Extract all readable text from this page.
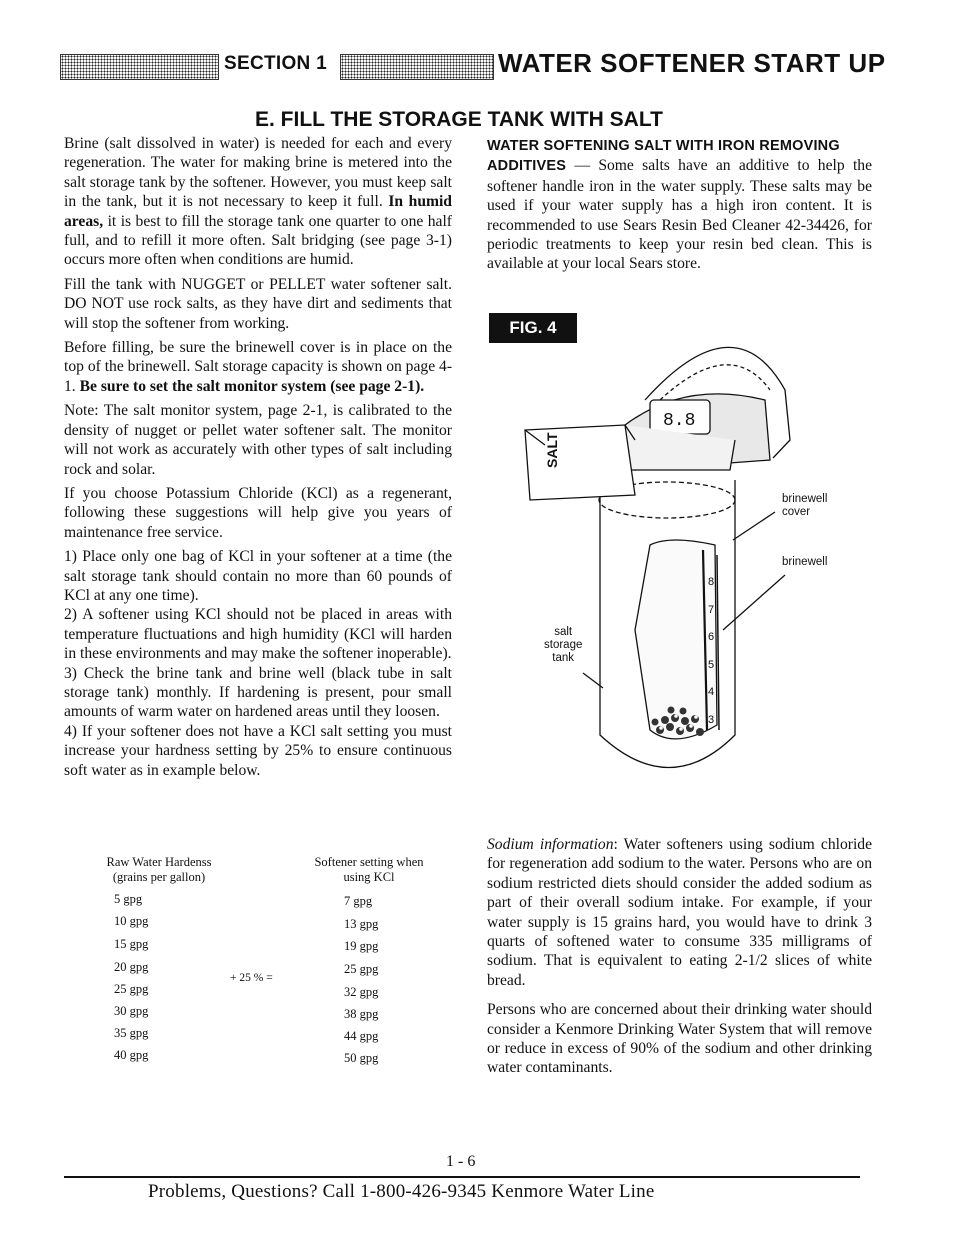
SECTION 1	WATER SOFTENER START UP
E. FILL THE STORAGE TANK WITH SALT

Brine (salt dissolved in water) is needed for each and every regeneration. The water for making brine is metered into the salt storage tank by the softener. However, you must keep salt in the tank, but it is not necessary to keep it full. In humid areas, it is best to fill the storage tank one quarter to one half full, and to refill it more often. Salt bridging (see page 3-1) occurs more often when conditions are humid.

Fill the tank with NUGGET or PELLET water softener salt. DO NOT use rock salts, as they have dirt and sediments that will stop the softener from working.

Before filling, be sure the brinewell cover is in place on the top of the brinewell. Salt storage capacity is shown on page 4-1. Be sure to set the salt monitor system (see page 2-1).

Note: The salt monitor system, page 2-1, is calibrated to the density of nugget or pellet water softener salt. The monitor will not work as accurately with other types of salt including rock and solar.

If you choose Potassium Chloride (KCl) as a regenerant, following these suggestions will help give you years of maintenance free service.

1) Place only one bag of KCl in your softener at a time (the salt storage tank should contain no more than 60 pounds of KCl at any one time).

2) A softener using KCl should not be placed in areas with temperature fluctuations and high humidity (KCl will harden in these environments and may make the softener inoperable).

3) Check the brine tank and brine well (black tube in salt storage tank) monthly. If hardening is present, pour small amounts of warm water on hardened areas until they loosen.

4) If your softener does not have a KCl salt setting you must increase your hardness setting by 25% to ensure continuous soft water as in example below.

Raw Water Hardenss
(grains per gallon)
Softener setting when
using KCl
5 gpg
10 gpg
15 gpg
20 gpg
25 gpg
30 gpg
35 gpg
40 gpg
+ 25 % =
7 gpg
13 gpg
19 gpg
25 gpg
32 gpg
38 gpg
44 gpg
50 gpg

WATER SOFTENING SALT WITH IRON REMOVING
ADDITIVES — Some salts have an additive to help the softener handle iron in the water supply. These salts may be used if your water supply has a high iron content. It is recommended to use Sears Resin Bed Cleaner 42-34426, for periodic treatments to keep your resin bed clean. This is available at your local Sears store.

FIG. 4
SALT
8.8
8
7
6
5
4
3
brinewell
cover
brinewell
salt
storage
tank

Sodium information: Water softeners using sodium chloride for regeneration add sodium to the water. Persons who are on sodium restricted diets should consider the added sodium as part of their overall sodium intake. For example, if your water supply is 15 grains hard, you would have to drink 3 quarts of softened water to consume 335 milligrams of sodium. That is equivalent to eating 2-1/2 slices of white bread.

Persons who are concerned about their drinking water should consider a Kenmore Drinking Water System that will remove or reduce in excess of 90% of the sodium and other drinking water contaminants.

1 - 6
Problems, Questions? Call 1-800-426-9345 Kenmore Water Line
